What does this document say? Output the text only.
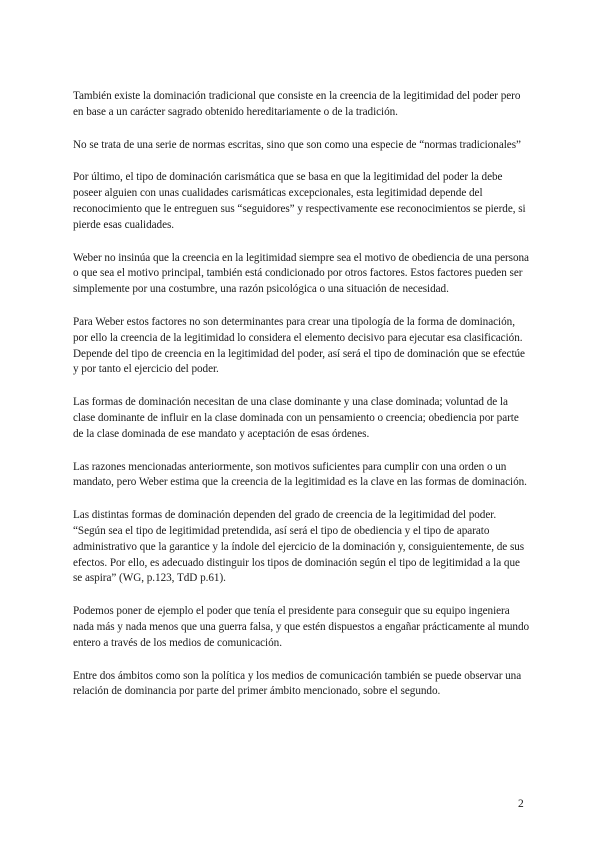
También existe la dominación tradicional que consiste en la creencia de la legitimidad del poder pero en base a un carácter sagrado obtenido hereditariamente o de la tradición.

No se trata de una serie de normas escritas, sino que son como una especie de “normas tradicionales”

Por último, el tipo de dominación carismática que se basa en que la legitimidad del poder la debe poseer alguien con unas cualidades carismáticas excepcionales, esta legitimidad depende del reconocimiento que le entreguen sus “seguidores” y respectivamente ese reconocimientos se pierde, si pierde esas cualidades.

Weber no insinúa que la creencia en la legitimidad siempre sea el motivo de obediencia de una persona o que sea el motivo principal, también está condicionado por otros factores. Estos factores pueden ser simplemente por una costumbre, una razón psicológica o una situación de necesidad.

Para Weber estos factores no son determinantes para crear una tipología de la forma de dominación, por ello la creencia de la legitimidad lo considera el elemento decisivo para ejecutar esa clasificación. Depende del tipo de creencia en la legitimidad del poder, así será el tipo de dominación que se efectúe y por tanto el ejercicio del poder.

Las formas de dominación necesitan de una clase dominante y una clase dominada; voluntad de la clase dominante de influir en la clase dominada con un pensamiento o creencia; obediencia por parte de la clase dominada de ese mandato y aceptación de esas órdenes.

Las razones mencionadas anteriormente, son motivos suficientes para cumplir con una orden o un mandato, pero Weber estima que la creencia de la legitimidad es la clave en las formas de dominación.

Las distintas formas de dominación dependen del grado de creencia de la legitimidad del poder. “Según sea el tipo de legitimidad pretendida, así será el tipo de obediencia y el tipo de aparato administrativo que la garantice y la índole del ejercicio de la dominación y, consiguientemente, de sus efectos. Por ello, es adecuado distinguir los tipos de dominación según el tipo de legitimidad a la que se aspira” (WG, p.123, TdD p.61).

Podemos poner de ejemplo el poder que tenía el presidente para conseguir que su equipo ingeniera nada más y nada menos que una guerra falsa, y que estén dispuestos a engañar prácticamente al mundo entero a través de los medios de comunicación.

Entre dos ámbitos como son la política y los medios de comunicación también se puede observar una relación de dominancia por parte del primer ámbito mencionado, sobre el segundo.

2
